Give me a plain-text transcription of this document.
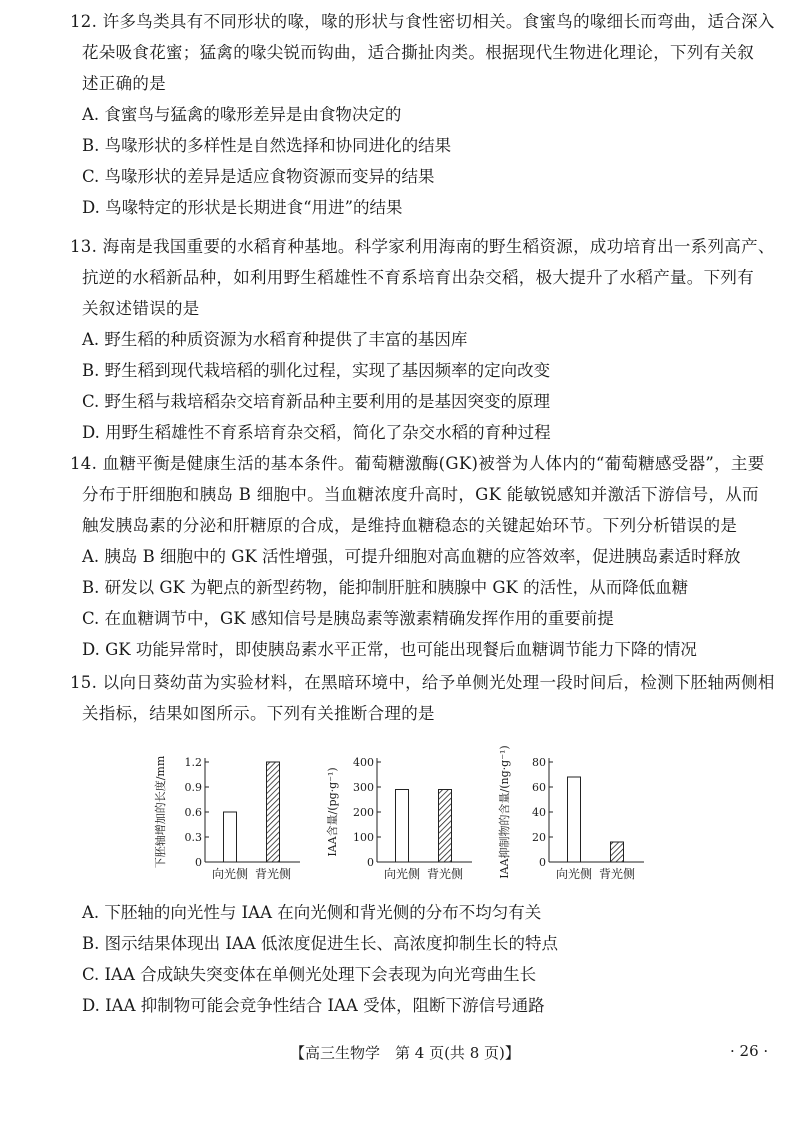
12. 许多鸟类具有不同形状的喙，喙的形状与食性密切相关。食蜜鸟的喙细长而弯曲，适合深入
花朵吸食花蜜；猛禽的喙尖锐而钩曲，适合撕扯肉类。根据现代生物进化理论，下列有关叙
述正确的是
A. 食蜜鸟与猛禽的喙形差异是由食物决定的
B. 鸟喙形状的多样性是自然选择和协同进化的结果
C. 鸟喙形状的差异是适应食物资源而变异的结果
D. 鸟喙特定的形状是长期进食“用进”的结果
13. 海南是我国重要的水稻育种基地。科学家利用海南的野生稻资源，成功培育出一系列高产、
抗逆的水稻新品种，如利用野生稻雄性不育系培育出杂交稻，极大提升了水稻产量。下列有
关叙述错误的是
A. 野生稻的种质资源为水稻育种提供了丰富的基因库
B. 野生稻到现代栽培稻的驯化过程，实现了基因频率的定向改变
C. 野生稻与栽培稻杂交培育新品种主要利用的是基因突变的原理
D. 用野生稻雄性不育系培育杂交稻，简化了杂交水稻的育种过程
14. 血糖平衡是健康生活的基本条件。葡萄糖激酶(GK)被誉为人体内的“葡萄糖感受器”，主要
分布于肝细胞和胰岛 B 细胞中。当血糖浓度升高时，GK 能敏锐感知并激活下游信号，从而
触发胰岛素的分泌和肝糖原的合成，是维持血糖稳态的关键起始环节。下列分析错误的是
A. 胰岛 B 细胞中的 GK 活性增强，可提升细胞对高血糖的应答效率，促进胰岛素适时释放
B. 研发以 GK 为靶点的新型药物，能抑制肝脏和胰腺中 GK 的活性，从而降低血糖
C. 在血糖调节中，GK 感知信号是胰岛素等激素精确发挥作用的重要前提
D. GK 功能异常时，即使胰岛素水平正常，也可能出现餐后血糖调节能力下降的情况
15. 以向日葵幼苗为实验材料，在黑暗环境中，给予单侧光处理一段时间后，检测下胚轴两侧相
关指标，结果如图所示。下列有关推断合理的是
下胚轴增加的长度/mm	0
0.3
0.6
0.9
1.2
向光侧 背光侧
IAA含量/(pg·g⁻¹)
0
100
200
300
400
向光侧 背光侧	IAA抑制物的含量/(ng·g⁻¹)	0
20
40
60
80
向光侧 背光侧
A. 下胚轴的向光性与 IAA 在向光侧和背光侧的分布不均匀有关
B. 图示结果体现出 IAA 低浓度促进生长、高浓度抑制生长的特点
C. IAA 合成缺失突变体在单侧光处理下会表现为向光弯曲生长
D. IAA 抑制物可能会竞争性结合 IAA 受体，阻断下游信号通路
【高三生物学　第 4 页(共 8 页)】	· 26 ·
